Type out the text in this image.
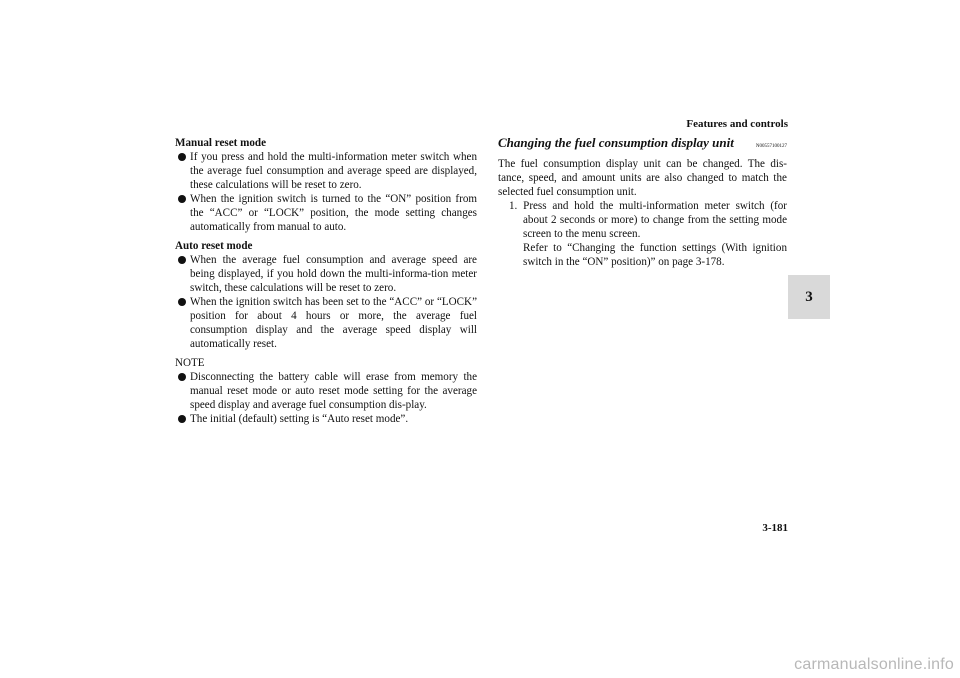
Features and controls
3

Manual reset mode

If you press and hold the multi-information meter switch when the average fuel consumption and average speed are displayed, these calculations will be reset to zero.
When the ignition switch is turned to the “ON” position from the “ACC” or “LOCK” position, the mode setting changes automatically from manual to auto.

Auto reset mode

When the average fuel consumption and average speed are being displayed, if you hold down the multi-informa-tion meter switch, these calculations will be reset to zero.
When the ignition switch has been set to the “ACC” or “LOCK” position for about 4 hours or more, the average fuel consumption display and the average speed display will automatically reset.

NOTE

Disconnecting the battery cable will erase from memory the manual reset mode or auto reset mode setting for the average speed display and average fuel consumption dis-play.
The initial (default) setting is “Auto reset mode”.
Changing the fuel consumption display unit	N00557100127

The fuel consumption display unit can be changed. The dis-tance, speed, and amount units are also changed to match the selected fuel consumption unit.

1. Press and hold the multi-information meter switch (for about 2 seconds or more) to change from the setting mode screen to the menu screen.

Refer to “Changing the function settings (With ignition switch in the “ON” position)” on page 3-178.

3-181
carmanualsonline.info
